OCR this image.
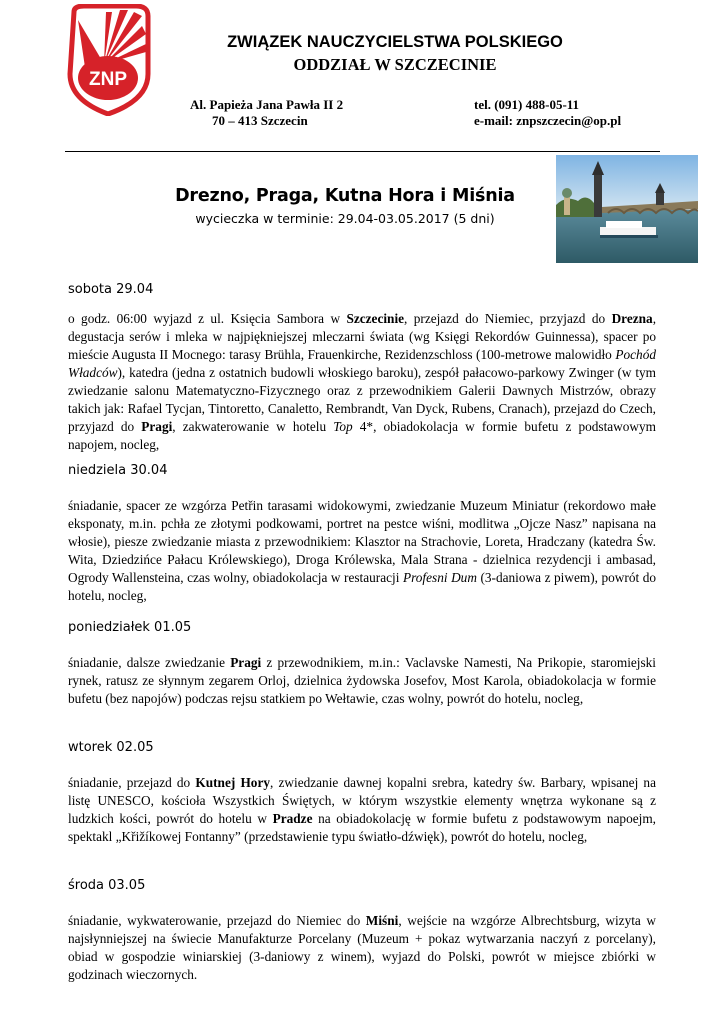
ZNP
ZWIĄZEK NAUCZYCIELSTWA POLSKIEGO
ODDZIAŁ W SZCZECINIE
Al. Papieża Jana Pawła II 2
70 – 413 Szczecin
tel. (091) 488-05-11
e-mail: znpszczecin@op.pl
Drezno, Praga, Kutna Hora i Miśnia
wycieczka w terminie: 29.04-03.05.2017 (5 dni)
sobota 29.04

o godz. 06:00 wyjazd z ul. Księcia Sambora w Szczecinie, przejazd do Niemiec, przyjazd do Drezna, degustacja serów i mleka w najpiękniejszej mleczarni świata (wg Księgi Rekordów Guinnessa), spacer po mieście Augusta II Mocnego: tarasy Brühla, Frauenkirche, Rezidenzschloss (100-metrowe malowidło Pochód Władców), katedra (jedna z ostatnich budowli włoskiego baroku), zespół pałacowo-parkowy Zwinger (w tym zwiedzanie salonu Matematyczno-Fizycznego oraz z przewodnikiem Galerii Dawnych Mistrzów, obrazy takich jak: Rafael Tycjan, Tintoretto, Canaletto, Rembrandt, Van Dyck, Rubens, Cranach), przejazd do Czech, przyjazd do Pragi, zakwaterowanie w hotelu Top 4*, obiadokolacja w formie bufetu z podstawowym napojem, nocleg,

niedziela 30.04

śniadanie, spacer ze wzgórza Petřin tarasami widokowymi, zwiedzanie Muzeum Miniatur (rekordowo małe eksponaty, m.in. pchła ze złotymi podkowami, portret na pestce wiśni, modlitwa „Ojcze Nasz” napisana na włosie), piesze zwiedzanie miasta z przewodnikiem: Klasztor na Strachovie, Loreta, Hradczany (katedra Św. Wita, Dziedzińce Pałacu Królewskiego), Droga Królewska, Mala Strana - dzielnica rezydencji i ambasad, Ogrody Wallensteina, czas wolny, obiadokolacja w restauracji Profesni Dum (3-daniowa z piwem), powrót do hotelu, nocleg,

poniedziałek 01.05

śniadanie, dalsze zwiedzanie Pragi z przewodnikiem, m.in.: Vaclavske Namesti, Na Prikopie, staromiejski rynek, ratusz ze słynnym zegarem Orloj, dzielnica żydowska Josefov, Most Karola, obiadokolacja w formie bufetu (bez napojów) podczas rejsu statkiem po Wełtawie, czas wolny, powrót do hotelu, nocleg,

wtorek 02.05

śniadanie, przejazd do Kutnej Hory, zwiedzanie dawnej kopalni srebra, katedry św. Barbary, wpisanej na listę UNESCO, kościoła Wszystkich Świętych, w którym wszystkie elementy wnętrza wykonane są z ludzkich kości, powrót do hotelu w Pradze na obiadokolację w formie bufetu z podstawowym napoejm, spektakl „Křižíkowej Fontanny” (przedstawienie typu światło-dźwięk), powrót do hotelu, nocleg,

środa 03.05

śniadanie, wykwaterowanie, przejazd do Niemiec do Miśni, wejście na wzgórze Albrechtsburg, wizyta w najsłynniejszej na świecie Manufakturze Porcelany (Muzeum + pokaz wytwarzania naczyń z porcelany), obiad w gospodzie winiarskiej (3-daniowy z winem), wyjazd do Polski, powrót w miejsce zbiórki w godzinach wieczornych.
